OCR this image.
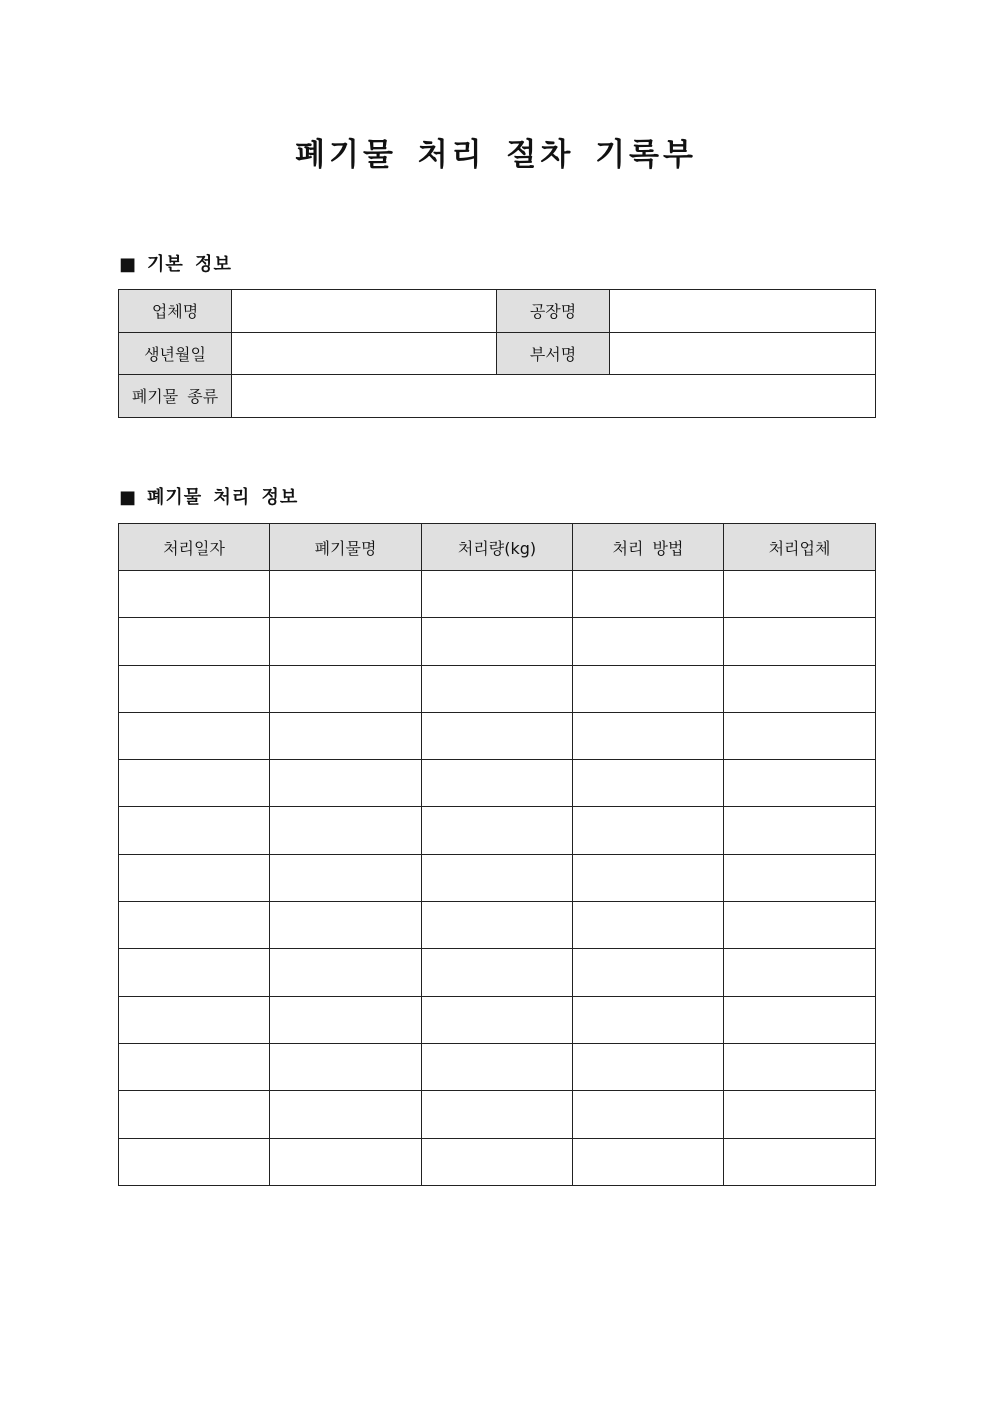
폐기물 처리 절차 기록부
■ 기본 정보
업체명		공장명	
생년월일		부서명	
폐기물 종류			
■ 폐기물 처리 정보
처리일자	폐기물명	처리량(kg)	처리 방법	처리업체
